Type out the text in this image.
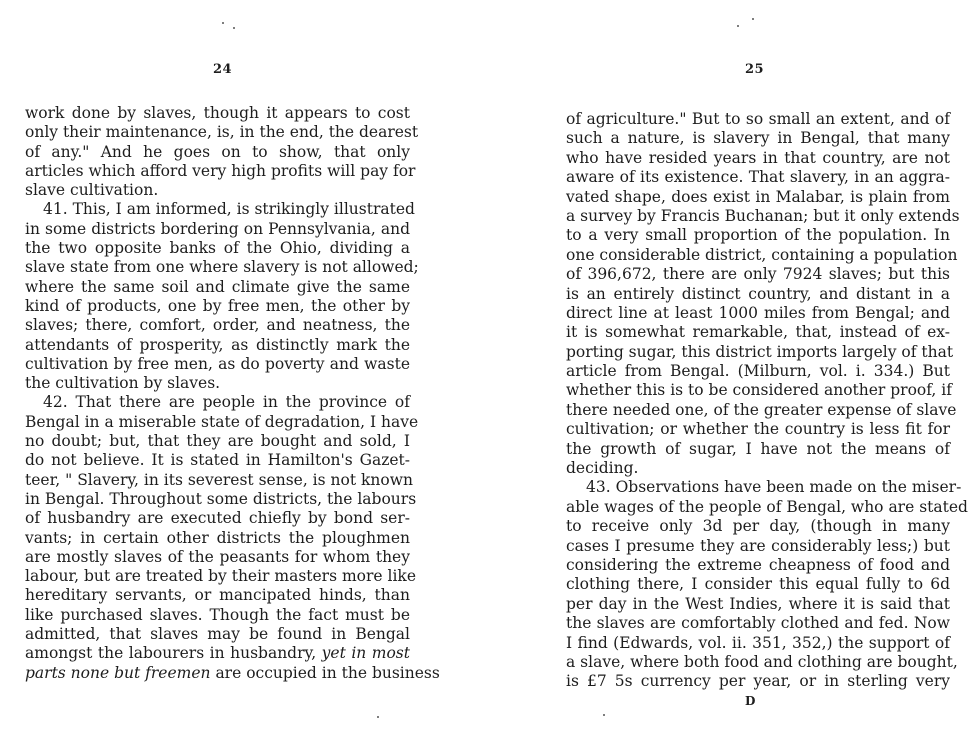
24
work done by slaves, though it appears to cost
only their maintenance, is, in the end, the dearest
of any." And he goes on to show, that only
articles which afford very high profits will pay for
slave cultivation.
41. This, I am informed, is strikingly illustrated
in some districts bordering on Pennsylvania, and
the two opposite banks of the Ohio, dividing a
slave state from one where slavery is not allowed;
where the same soil and climate give the same
kind of products, one by free men, the other by
slaves; there, comfort, order, and neatness, the
attendants of prosperity, as distinctly mark the
cultivation by free men, as do poverty and waste
the cultivation by slaves.
42. That there are people in the province of
Bengal in a miserable state of degradation, I have
no doubt; but, that they are bought and sold, I
do not believe. It is stated in Hamilton's Gazet-
teer, " Slavery, in its severest sense, is not known
in Bengal. Throughout some districts, the labours
of husbandry are executed chiefly by bond ser-
vants; in certain other districts the ploughmen
are mostly slaves of the peasants for whom they
labour, but are treated by their masters more like
hereditary servants, or mancipated hinds, than
like purchased slaves. Though the fact must be
admitted, that slaves may be found in Bengal
amongst the labourers in husbandry, yet in most
parts none but freemen are occupied in the business
25
of agriculture." But to so small an extent, and of
such a nature, is slavery in Bengal, that many
who have resided years in that country, are not
aware of its existence. That slavery, in an aggra-
vated shape, does exist in Malabar, is plain from
a survey by Francis Buchanan; but it only extends
to a very small proportion of the population. In
one considerable district, containing a population
of 396,672, there are only 7924 slaves; but this
is an entirely distinct country, and distant in a
direct line at least 1000 miles from Bengal; and
it is somewhat remarkable, that, instead of ex-
porting sugar, this district imports largely of that
article from Bengal. (Milburn, vol. i. 334.) But
whether this is to be considered another proof, if
there needed one, of the greater expense of slave
cultivation; or whether the country is less fit for
the growth of sugar, I have not the means of
deciding.
43. Observations have been made on the miser-
able wages of the people of Bengal, who are stated
to receive only 3d per day, (though in many
cases I presume they are considerably less;) but
considering the extreme cheapness of food and
clothing there, I consider this equal fully to 6d
per day in the West Indies, where it is said that
the slaves are comfortably clothed and fed. Now
I find (Edwards, vol. ii. 351, 352,) the support of
a slave, where both food and clothing are bought,
is £7 5s currency per year, or in sterling very
D
